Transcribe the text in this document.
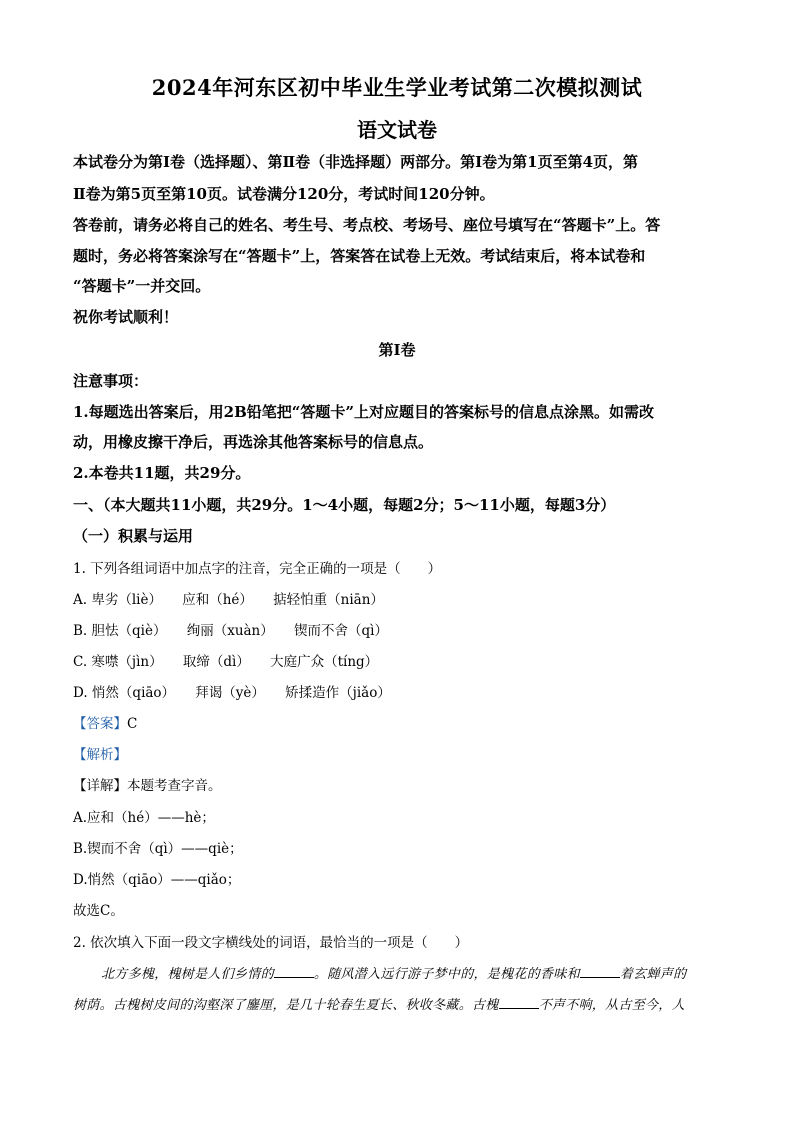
2024年河东区初中毕业生学业考试第二次模拟测试
语文试卷
本试卷分为第Ⅰ卷（选择题）、第Ⅱ卷（非选择题）两部分。第Ⅰ卷为第1页至第4页，第
Ⅱ卷为第5页至第10页。试卷满分120分，考试时间120分钟。
答卷前，请务必将自己的姓名、考生号、考点校、考场号、座位号填写在“答题卡”上。答
题时，务必将答案涂写在“答题卡”上，答案答在试卷上无效。考试结束后，将本试卷和
“答题卡”一并交回。
祝你考试顺利！
第Ⅰ卷
注意事项：
1.每题选出答案后，用2B铅笔把“答题卡”上对应题目的答案标号的信息点涂黑。如需改
动，用橡皮擦干净后，再选涂其他答案标号的信息点。
2.本卷共11题，共29分。
一、（本大题共11小题，共29分。1～4小题，每题2分；5～11小题，每题3分）
（一）积累与运用
1. 下列各组词语中加点字的注音，完全正确的一项是（　　）
A. 卑劣（liè）　　应和（hé）　　掂轻怕重（niān）
B. 胆怯（qiè）　　绚丽（xuàn）　　锲而不舍（qì）
C. 寒噤（jìn）　　取缔（dì）　　大庭广众（tíng）
D. 悄然（qiāo）　　拜谒（yè）　　矫揉造作（jiǎo）
【答案】C
【解析】
【详解】本题考查字音。
A.应和（hé）——hè；
B.锲而不舍（qì）——qiè；
D.悄然（qiāo）——qiǎo；
故选C。
2. 依次填入下面一段文字横线处的词语，最恰当的一项是（　　）
北方多槐，槐树是人们乡情的	。随风潜入远行游子梦中的，是槐花的香味和	着玄蝉声的
树荫。古槐树皮间的沟壑深了鏖厘，是几十轮春生夏长、秋收冬藏。古槐	不声不响，从古至今，人
